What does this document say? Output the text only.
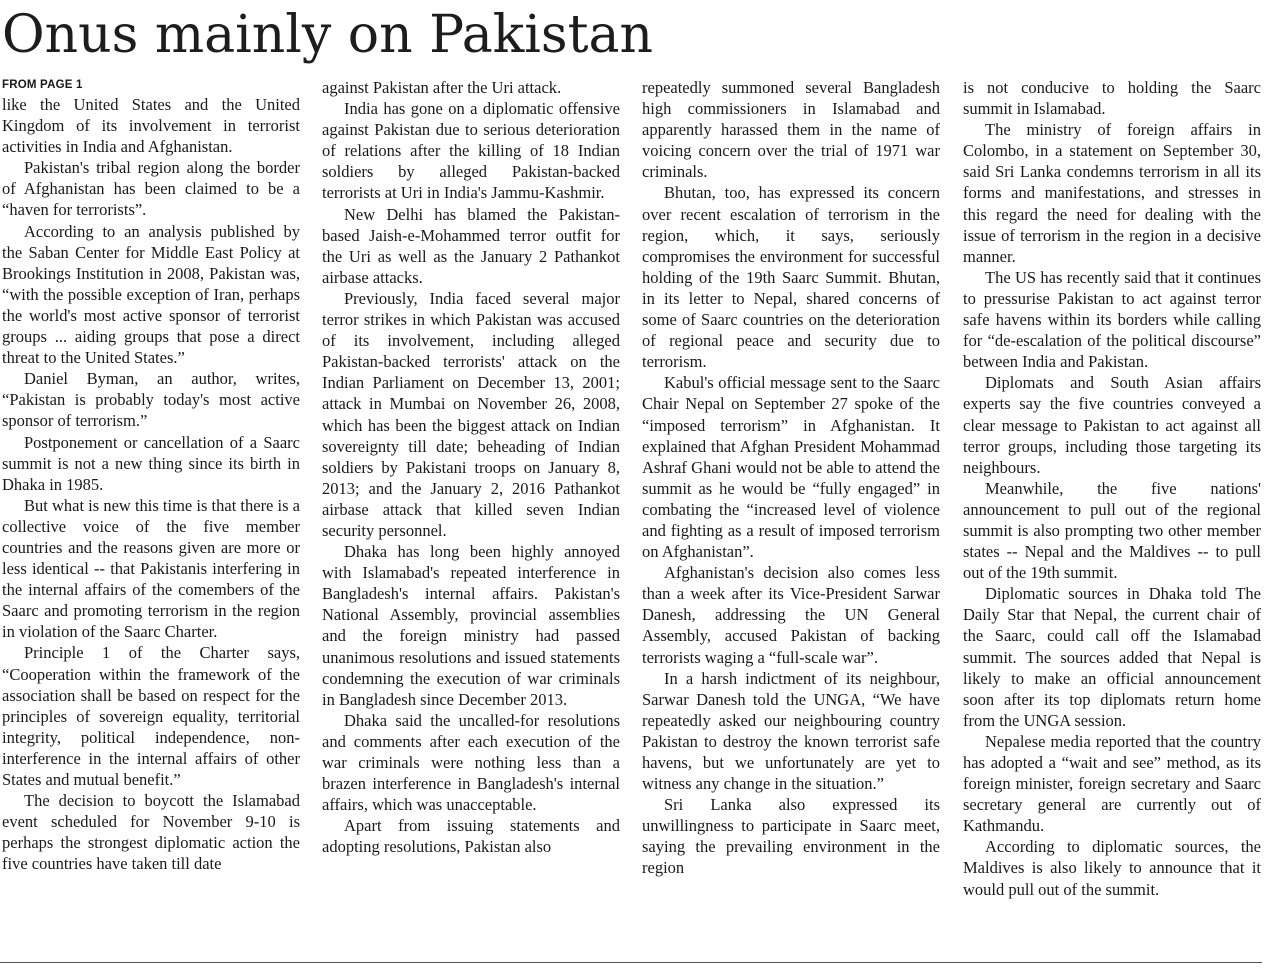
Onus mainly on Pakistan
FROM PAGE 1

like the United States and the United Kingdom of its involvement in terrorist activities in India and Afghanistan.

Pakistan's tribal region along the border of Afghanistan has been claimed to be a “haven for terrorists”.

According to an analysis published by the Saban Center for Middle East Policy at Brookings Institution in 2008, Pakistan was, “with the possible exception of Iran, perhaps the world's most active sponsor of terrorist groups ... aiding groups that pose a direct threat to the United States.”

Daniel Byman, an author, writes, “Pakistan is probably today's most active sponsor of terrorism.”

Postponement or cancellation of a Saarc summit is not a new thing since its birth in Dhaka in 1985.

But what is new this time is that there is a collective voice of the five member countries and the reasons given are more or less identical -- that Pakistanis interfering in the internal affairs of the comembers of the Saarc and promoting terrorism in the region in violation of the Saarc Charter.

Principle 1 of the Charter says, “Cooperation within the framework of the association shall be based on respect for the principles of sovereign equality, territorial integrity, political independence, non-interference in the internal affairs of other States and mutual benefit.”

The decision to boycott the Islamabad event scheduled for November 9-10 is perhaps the strongest diplomatic action the five countries have taken till date

against Pakistan after the Uri attack.

India has gone on a diplomatic offensive against Pakistan due to serious deterioration of relations after the killing of 18 Indian soldiers by alleged Pakistan-backed terrorists at Uri in India's Jammu-Kashmir.

New Delhi has blamed the Pakistan-based Jaish-e-Mohammed terror outfit for the Uri as well as the January 2 Pathankot airbase attacks.

Previously, India faced several major terror strikes in which Pakistan was accused of its involvement, including alleged Pakistan-backed terrorists' attack on the Indian Parliament on December 13, 2001; attack in Mumbai on November 26, 2008, which has been the biggest attack on Indian sovereignty till date; beheading of Indian soldiers by Pakistani troops on January 8, 2013; and the January 2, 2016 Pathankot airbase attack that killed seven Indian security personnel.

Dhaka has long been highly annoyed with Islamabad's repeated interference in Bangladesh's internal affairs. Pakistan's National Assembly, provincial assemblies and the foreign ministry had passed unanimous resolutions and issued statements condemning the execution of war criminals in Bangladesh since December 2013.

Dhaka said the uncalled-for resolutions and comments after each execution of the war criminals were nothing less than a brazen interference in Bangladesh's internal affairs, which was unacceptable.

Apart from issuing statements and adopting resolutions, Pakistan also

repeatedly summoned several Bangladesh high commissioners in Islamabad and apparently harassed them in the name of voicing concern over the trial of 1971 war criminals.

Bhutan, too, has expressed its concern over recent escalation of terrorism in the region, which, it says, seriously compromises the environment for successful holding of the 19th Saarc Summit. Bhutan, in its letter to Nepal, shared concerns of some of Saarc countries on the deterioration of regional peace and security due to terrorism.

Kabul's official message sent to the Saarc Chair Nepal on September 27 spoke of the “imposed terrorism” in Afghanistan. It explained that Afghan President Mohammad Ashraf Ghani would not be able to attend the summit as he would be “fully engaged” in combating the “increased level of violence and fighting as a result of imposed terrorism on Afghanistan”.

Afghanistan's decision also comes less than a week after its Vice-President Sarwar Danesh, addressing the UN General Assembly, accused Pakistan of backing terrorists waging a “full-scale war”.

In a harsh indictment of its neighbour, Sarwar Danesh told the UNGA, “We have repeatedly asked our neighbouring country Pakistan to destroy the known terrorist safe havens, but we unfortunately are yet to witness any change in the situation.”

Sri Lanka also expressed its unwillingness to participate in Saarc meet, saying the prevailing environment in the region

is not conducive to holding the Saarc summit in Islamabad.

The ministry of foreign affairs in Colombo, in a statement on September 30, said Sri Lanka condemns terrorism in all its forms and manifestations, and stresses in this regard the need for dealing with the issue of terrorism in the region in a decisive manner.

The US has recently said that it continues to pressurise Pakistan to act against terror safe havens within its borders while calling for “de-escalation of the political discourse” between India and Pakistan.

Diplomats and South Asian affairs experts say the five countries conveyed a clear message to Pakistan to act against all terror groups, including those targeting its neighbours.

Meanwhile, the five nations' announcement to pull out of the regional summit is also prompting two other member states -- Nepal and the Maldives -- to pull out of the 19th summit.

Diplomatic sources in Dhaka told The Daily Star that Nepal, the current chair of the Saarc, could call off the Islamabad summit. The sources added that Nepal is likely to make an official announcement soon after its top diplomats return home from the UNGA session.

Nepalese media reported that the country has adopted a “wait and see” method, as its foreign minister, foreign secretary and Saarc secretary general are currently out of Kathmandu.

According to diplomatic sources, the Maldives is also likely to announce that it would pull out of the summit.
